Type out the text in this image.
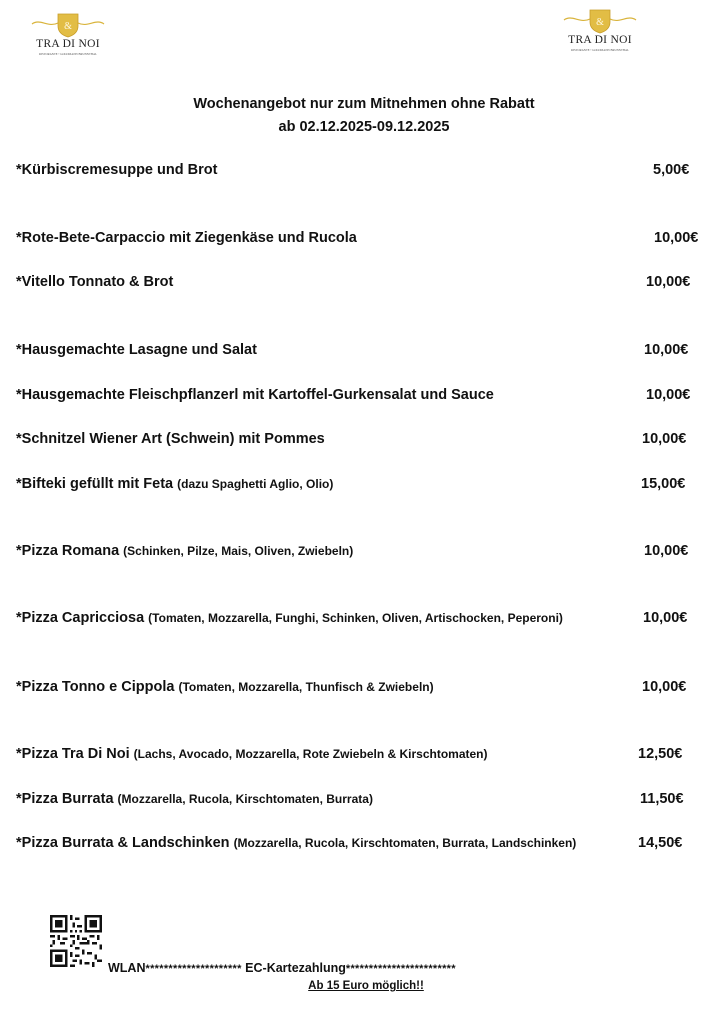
&
TRA DI NOI
RISTORANTE • GOLDMANN BRUNNTHAL
&
TRA DI NOI
RISTORANTE • GOLDMANN BRUNNTHAL
Wochenangebot nur zum Mitnehmen ohne Rabatt
ab 02.12.2025-09.12.2025
*Kürbiscremesuppe und Brot	5,00€
*Rote-Bete-Carpaccio mit Ziegenkäse und Rucola	10,00€
*Vitello Tonnato & Brot	10,00€
*Hausgemachte Lasagne und Salat	10,00€
*Hausgemachte Fleischpflanzerl mit Kartoffel-Gurkensalat und Sauce	10,00€
*Schnitzel Wiener Art (Schwein) mit Pommes	10,00€
*Bifteki gefüllt mit Feta (dazu Spaghetti Aglio, Olio)	15,00€
*Pizza Romana (Schinken, Pilze, Mais, Oliven, Zwiebeln)	10,00€
*Pizza Capricciosa (Tomaten, Mozzarella, Funghi, Schinken, Oliven, Artischocken, Peperoni)	10,00€
*Pizza Tonno e Cippola (Tomaten, Mozzarella, Thunfisch & Zwiebeln)	10,00€
*Pizza Tra Di Noi (Lachs, Avocado, Mozzarella, Rote Zwiebeln & Kirschtomaten)	12,50€
*Pizza Burrata (Mozzarella, Rucola, Kirschtomaten, Burrata)	11,50€
*Pizza Burrata & Landschinken (Mozzarella, Rucola, Kirschtomaten, Burrata, Landschinken)	14,50€
WLAN********************* EC-Kartezahlung************************
Ab 15 Euro möglich!!
